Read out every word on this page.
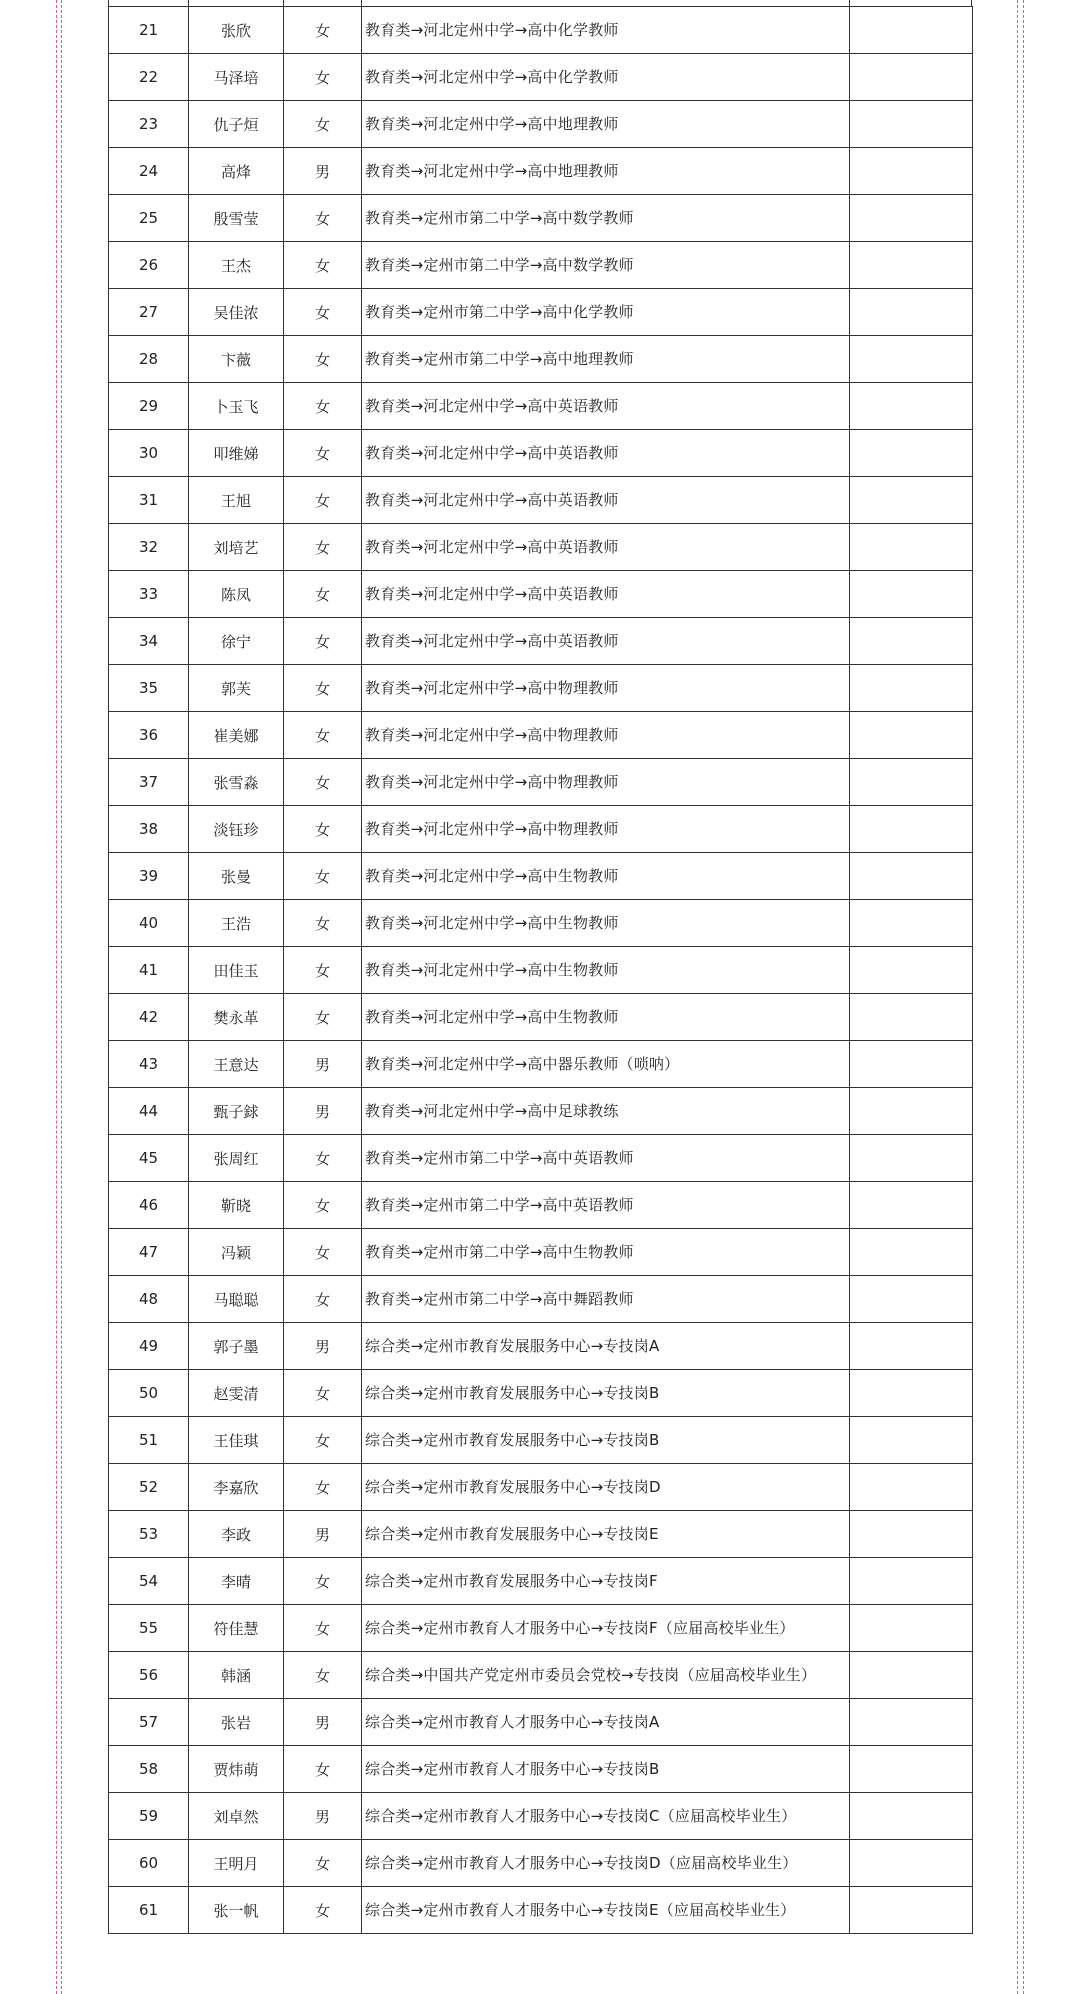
21	张欣	女	教育类→河北定州中学→高中化学教师	
22	马泽培	女	教育类→河北定州中学→高中化学教师	
23	仇子烜	女	教育类→河北定州中学→高中地理教师	
24	高烽	男	教育类→河北定州中学→高中地理教师	
25	殷雪莹	女	教育类→定州市第二中学→高中数学教师	
26	王杰	女	教育类→定州市第二中学→高中数学教师	
27	吴佳浓	女	教育类→定州市第二中学→高中化学教师	
28	卞薇	女	教育类→定州市第二中学→高中地理教师	
29	卜玉飞	女	教育类→河北定州中学→高中英语教师	
30	叩维娣	女	教育类→河北定州中学→高中英语教师	
31	王旭	女	教育类→河北定州中学→高中英语教师	
32	刘培艺	女	教育类→河北定州中学→高中英语教师	
33	陈凤	女	教育类→河北定州中学→高中英语教师	
34	徐宁	女	教育类→河北定州中学→高中英语教师	
35	郭芙	女	教育类→河北定州中学→高中物理教师	
36	崔美娜	女	教育类→河北定州中学→高中物理教师	
37	张雪淼	女	教育类→河北定州中学→高中物理教师	
38	淡钰珍	女	教育类→河北定州中学→高中物理教师	
39	张曼	女	教育类→河北定州中学→高中生物教师	
40	王浩	女	教育类→河北定州中学→高中生物教师	
41	田佳玉	女	教育类→河北定州中学→高中生物教师	
42	樊永革	女	教育类→河北定州中学→高中生物教师	
43	王意达	男	教育类→河北定州中学→高中器乐教师（唢呐）	
44	甄子銶	男	教育类→河北定州中学→高中足球教练	
45	张周红	女	教育类→定州市第二中学→高中英语教师	
46	靳晓	女	教育类→定州市第二中学→高中英语教师	
47	冯颖	女	教育类→定州市第二中学→高中生物教师	
48	马聪聪	女	教育类→定州市第二中学→高中舞蹈教师	
49	郭子墨	男	综合类→定州市教育发展服务中心→专技岗A	
50	赵雯清	女	综合类→定州市教育发展服务中心→专技岗B	
51	王佳琪	女	综合类→定州市教育发展服务中心→专技岗B	
52	李嘉欣	女	综合类→定州市教育发展服务中心→专技岗D	
53	李政	男	综合类→定州市教育发展服务中心→专技岗E	
54	李晴	女	综合类→定州市教育发展服务中心→专技岗F	
55	符佳慧	女	综合类→定州市教育人才服务中心→专技岗F（应届高校毕业生）	
56	韩涵	女	综合类→中国共产党定州市委员会党校→专技岗（应届高校毕业生）	
57	张岩	男	综合类→定州市教育人才服务中心→专技岗A	
58	贾炜萌	女	综合类→定州市教育人才服务中心→专技岗B	
59	刘卓然	男	综合类→定州市教育人才服务中心→专技岗C（应届高校毕业生）	
60	王明月	女	综合类→定州市教育人才服务中心→专技岗D（应届高校毕业生）	
61	张一帆	女	综合类→定州市教育人才服务中心→专技岗E（应届高校毕业生）	
